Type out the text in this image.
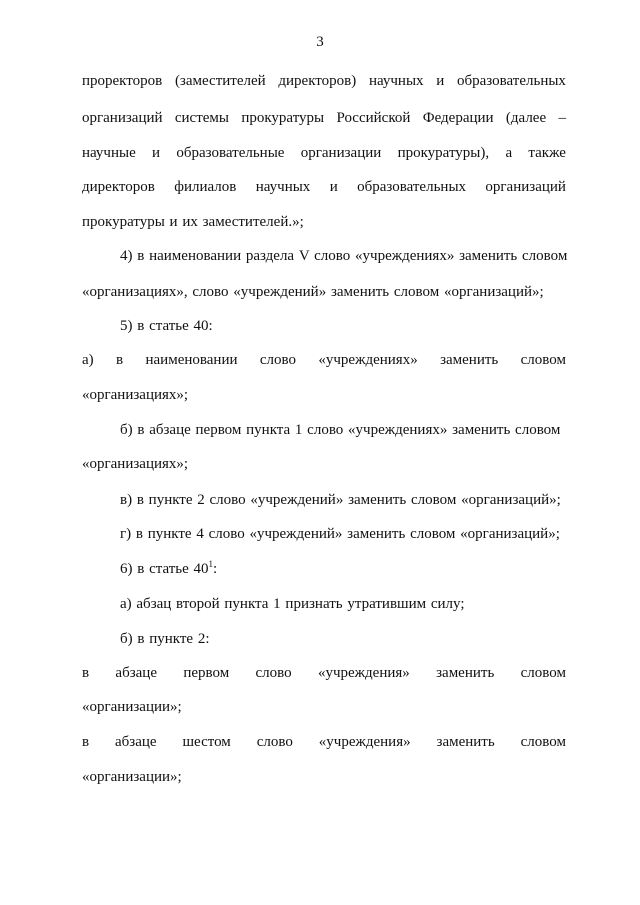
3
проректоров (заместителей директоров) научных и образовательных
организаций системы прокуратуры Российской Федерации (далее –
научные и образовательные организации прокуратуры), а также
директоров филиалов научных и образовательных организаций
прокуратуры и их заместителей.»;
4) в наименовании раздела V слово «учреждениях» заменить словом
«организациях», слово «учреждений» заменить словом «организаций»;
5) в статье 40:
а) в наименовании слово «учреждениях» заменить словом
«организациях»;
б) в абзаце первом пункта 1 слово «учреждениях» заменить словом
«организациях»;
в) в пункте 2 слово «учреждений» заменить словом «организаций»;
г) в пункте 4 слово «учреждений» заменить словом «организаций»;
6) в статье $40^1$:
а) абзац второй пункта 1 признать утратившим силу;
б) в пункте 2:
в абзаце первом слово «учреждения» заменить словом
«организации»;
в абзаце шестом слово «учреждения» заменить словом
«организации»;
